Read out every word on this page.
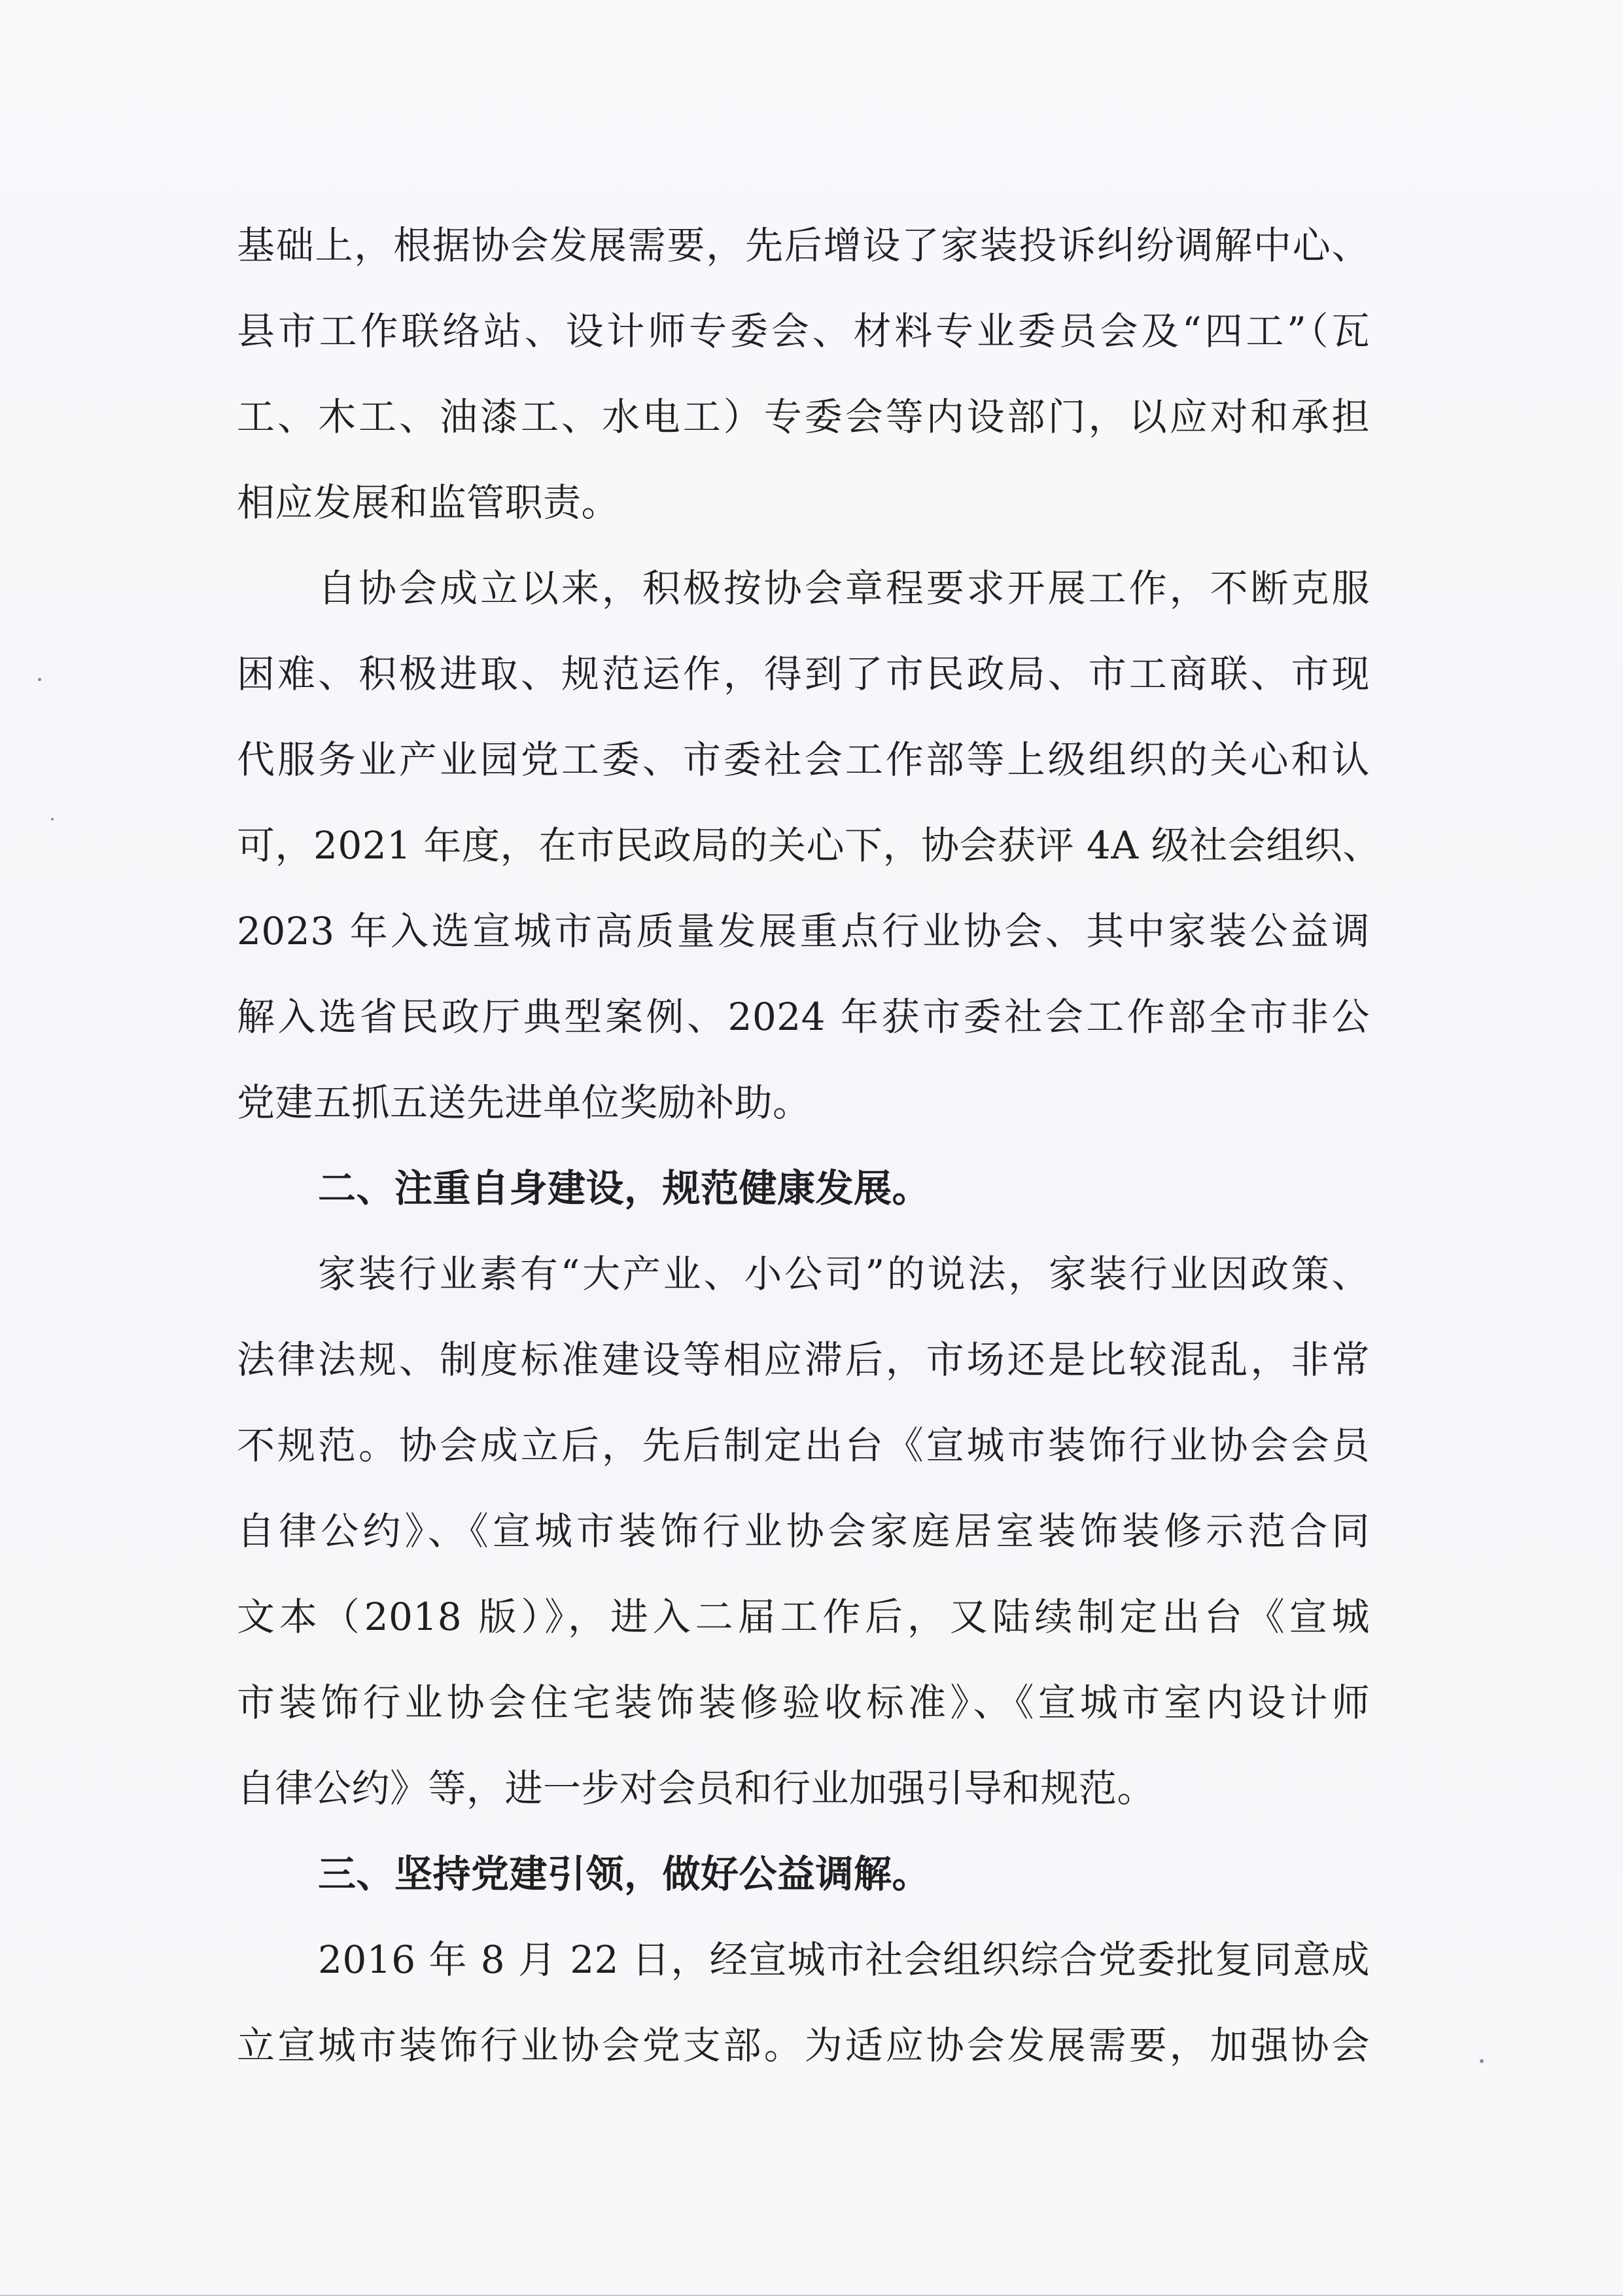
基础上，根据协会发展需要，先后增设了家装投诉纠纷调解中心、
县市工作联络站、设计师专委会、材料专业委员会及“四工”（瓦
工、木工、油漆工、水电工）专委会等内设部门，以应对和承担
相应发展和监管职责。
自协会成立以来，积极按协会章程要求开展工作，不断克服
困难、积极进取、规范运作，得到了市民政局、市工商联、市现
代服务业产业园党工委、市委社会工作部等上级组织的关心和认
可，2021 年度，在市民政局的关心下，协会获评 4A 级社会组织、
2023 年入选宣城市高质量发展重点行业协会、其中家装公益调
解入选省民政厅典型案例、2024 年获市委社会工作部全市非公
党建五抓五送先进单位奖励补助。
二、注重自身建设，规范健康发展。
家装行业素有“大产业、小公司”的说法，家装行业因政策、
法律法规、制度标准建设等相应滞后，市场还是比较混乱，非常
不规范。协会成立后，先后制定出台《宣城市装饰行业协会会员
自律公约》、《宣城市装饰行业协会家庭居室装饰装修示范合同
文本（2018 版）》，进入二届工作后，又陆续制定出台《宣城
市装饰行业协会住宅装饰装修验收标准》、《宣城市室内设计师
自律公约》等，进一步对会员和行业加强引导和规范。
三、坚持党建引领，做好公益调解。
2016 年 8 月 22 日，经宣城市社会组织综合党委批复同意成
立宣城市装饰行业协会党支部。为适应协会发展需要，加强协会
